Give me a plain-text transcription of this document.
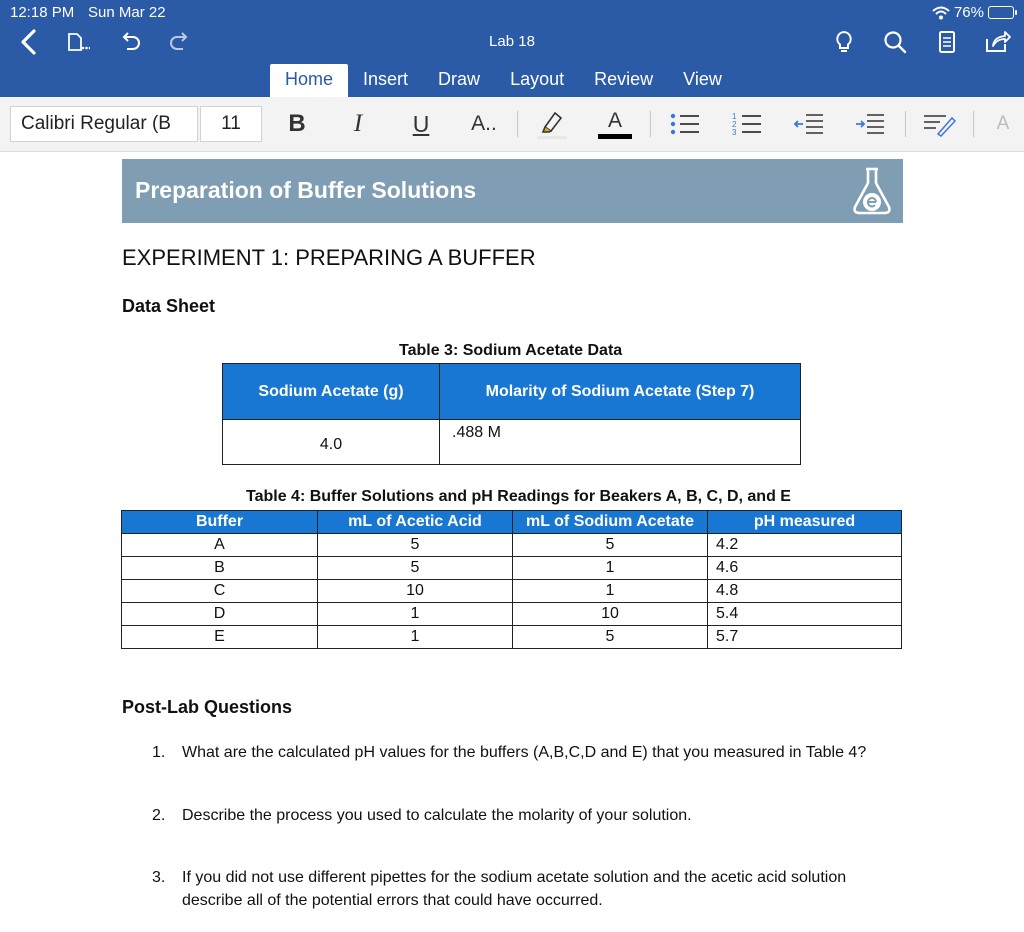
12:18 PM Sun Mar 22	76%
Lab 18
Home	Insert	Draw	Layout	Review	View
Calibri Regular (B	11	B	I	U	A..	A	1
2
3	A
Preparation of Buffer Solutions
EXPERIMENT 1: PREPARING A BUFFER
Data Sheet
Table 3: Sodium Acetate Data
Sodium Acetate (g)	Molarity of Sodium Acetate (Step 7)
4.0	.488 M
Table 4: Buffer Solutions and pH Readings for Beakers A, B, C, D, and E
Buffer	mL of Acetic Acid	mL of Sodium Acetate	pH measured
A	5	5	4.2
B	5	1	4.6
C	10	1	4.8
D	1	10	5.4
E	1	5	5.7
Post-Lab Questions
1. What are the calculated pH values for the buffers (A,B,C,D and E) that you measured in Table 4?
2. Describe the process you used to calculate the molarity of your solution.
3. If you did not use different pipettes for the sodium acetate solution and the acetic acid solution describe all of the potential errors that could have occurred.
